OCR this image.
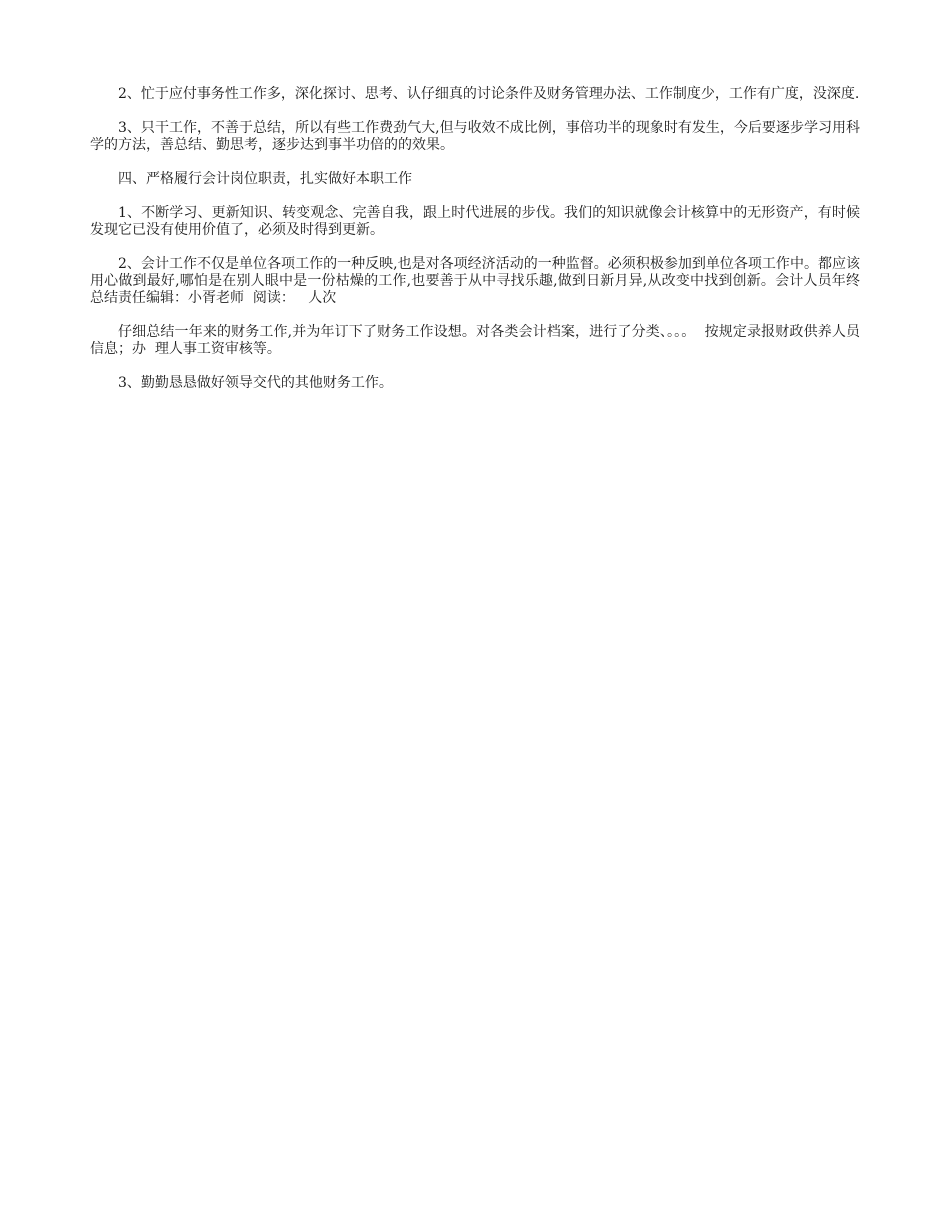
2、忙于应付事务性工作多，深化探讨、思考、认仔细真的讨论条件及财务管理办法、工作制度少，工作有广度，没深度.

3、只干工作，不善于总结，所以有些工作费劲气大,但与收效不成比例，事倍功半的现象时有发生，今后要逐步学习用科学的方法，善总结、勤思考，逐步达到事半功倍的的效果。

四、严格履行会计岗位职责，扎实做好本职工作

1、不断学习、更新知识、转变观念、完善自我，跟上时代进展的步伐。我们的知识就像会计核算中的无形资产，有时候发现它已没有使用价值了，必须及时得到更新。

2、会计工作不仅是单位各项工作的一种反映,也是对各项经济活动的一种监督。必须积极参加到单位各项工作中。都应该用心做到最好,哪怕是在别人眼中是一份枯燥的工作,也要善于从中寻找乐趣,做到日新月异,从改变中找到创新。会计人员年终总结责任编辑：小胥老师  阅读：   人次

仔细总结一年来的财务工作,并为年订下了财务工作设想。对各类会计档案，进行了分类、。。。  按规定录报财政供养人员信息；办  理人事工资审核等。

3、勤勤恳恳做好领导交代的其他财务工作。
